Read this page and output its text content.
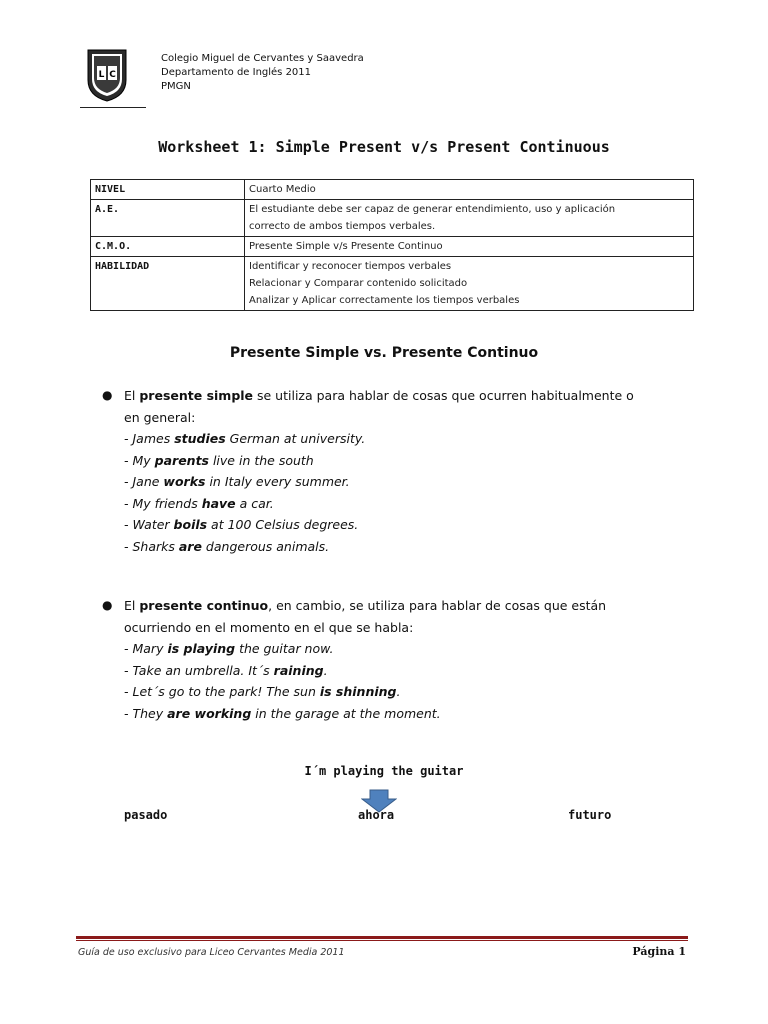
L C
Colegio Miguel de Cervantes y Saavedra
Departamento de Inglés 2011
PMGN
Worksheet 1: Simple Present v/s Present Continuous
NIVEL	Cuarto Medio

A.E.	El estudiante debe ser capaz de generar entendimiento, uso y aplicación
correcto de ambos tiempos verbales.

C.M.O.	Presente Simple v/s Presente Continuo

HABILIDAD	Identificar y reconocer tiempos verbales
Relacionar y Comparar contenido solicitado
Analizar y Aplicar correctamente los tiempos verbales
Presente Simple vs. Presente Continuo
● El presente simple se utiliza para hablar de cosas que ocurren habitualmente o
en general:
- James studies German at university.
- My parents live in the south
- Jane works in Italy every summer.
- My friends have a car.
- Water boils at 100 Celsius degrees.
- Sharks are dangerous animals.
● El presente continuo, en cambio, se utiliza para hablar de cosas que están
ocurriendo en el momento en el que se habla:
- Mary is playing the guitar now.
- Take an umbrella. It´s raining.
- Let´s go to the park! The sun is shinning.
- They are working in the garage at the moment.
I´m playing the guitar
pasado	ahora	futuro
Guía de uso exclusivo para Liceo Cervantes Media 2011	Página 1
